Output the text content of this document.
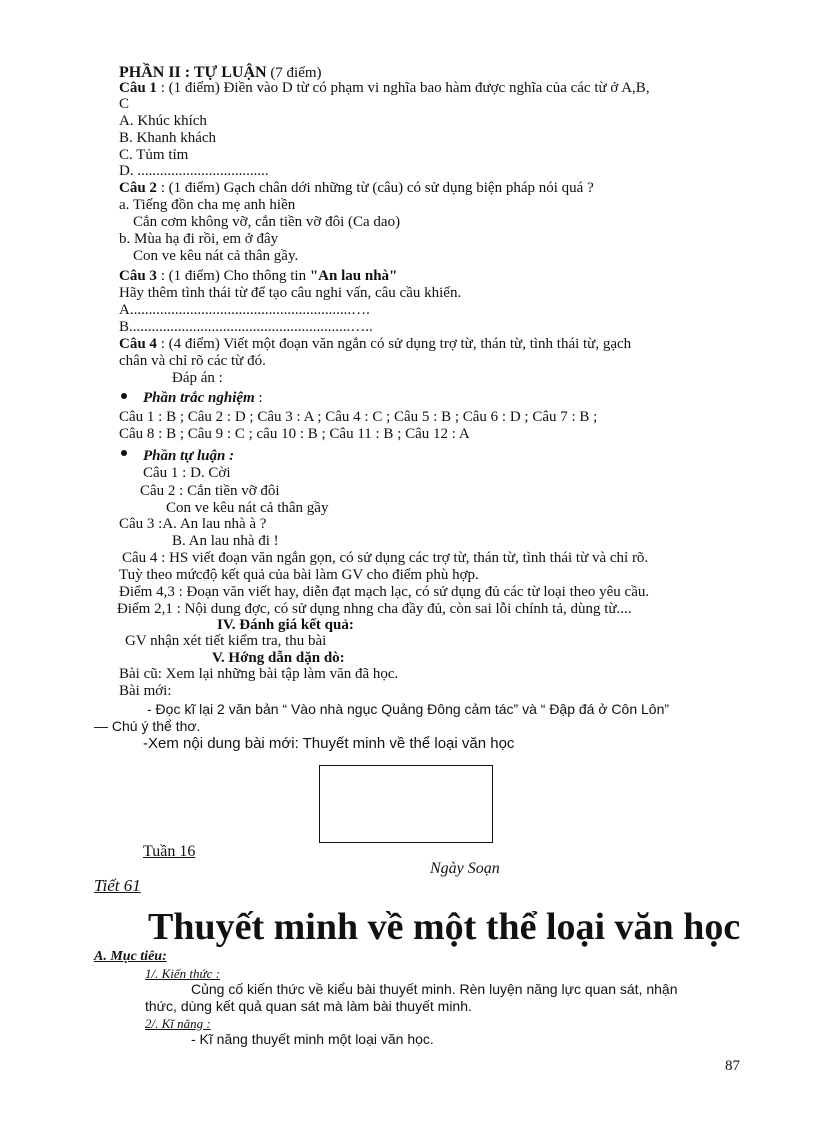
PHẦN II : TỰ LUẬN (7 điểm)
Câu 1 : (1 điểm) Điền vào D từ có phạm vi nghĩa bao hàm được nghĩa của các từ ở A,B,
C
A. Khúc khích
B. Khanh khách
C. Tủm tỉm
D. ...................................
Câu 2 : (1 điểm) Gạch chân dới những từ (câu) có sử dụng biện pháp nói quá ?
a. Tiếng đồn cha mẹ anh hiền
Cắn cơm không vỡ, cắn tiền vỡ đôi (Ca dao)
b. Mùa hạ đi rồi, em ở đây
Con ve kêu nát cả thân gầy.
Câu 3 : (1 điểm) Cho thông tin "An lau nhà"
Hãy thêm tình thái từ để tạo câu nghi vấn, câu cầu khiến.
A...........................................................….
B...........................................................…..
Câu 4 : (4 điểm) Viết một đoạn văn ngắn có sử dụng trợ từ, thán từ, tình thái từ, gạch
chân và chỉ rõ các từ đó.
Đáp án :
Phần trắc nghiệm :
Câu 1 : B ; Câu 2 : D ; Câu 3 : A ; Câu 4 : C ; Câu 5 : B ; Câu 6 : D ; Câu 7 : B ;
Câu 8 : B ; Câu 9 : C ; câu 10 : B ; Câu 11 : B ; Câu 12 : A
Phần tự luận :
Câu 1 : D. Cời
Câu 2 : Cắn tiền vỡ đôi
Con ve kêu nát cả thân gầy
Câu 3 :A. An lau nhà à ?
B. An lau nhà đi !
Câu 4 : HS viết đoạn văn ngắn gọn, có sử dụng các trợ từ, thán từ, tình thái từ và chỉ rõ.
Tuỳ theo mứcđộ kết quả của bài làm GV cho điểm phù hợp.
Điểm 4,3 : Đoạn văn viết hay, diễn đạt mạch lạc, có sử dụng đủ các từ loại theo yêu cầu.
Điểm 2,1 : Nội dung đợc, có sử dụng nhng cha đầy đủ, còn sai lỗi chính tả, dùng từ....
IV. Đánh giá kết quả:
GV nhận xét tiết kiểm tra, thu bài
V. Hớng dẫn dặn dò:
Bài cũ: Xem lại những bài tập làm văn đã học.
Bài mới:
- Đọc kĩ lại 2 văn bản “ Vào nhà ngục Quảng Đông cảm tác” và “ Đập đá ở Côn Lôn”
— Chú ý thể thơ.
-Xem nội dung bài mới: Thuyết minh về thể loại văn học
Tuần 16
Ngày Soạn
Tiết 61
Thuyết minh về một thể loại văn học
A. Mục tiêu:
1/. Kiến thức :
Củng cố kiến thức về kiểu bài thuyết minh. Rèn luyện năng lực quan sát, nhận
thức, dùng kết quả quan sát mà làm bài thuyết minh.
2/. Kĩ năng :
- Kĩ năng thuyết minh một loại văn học.
87
